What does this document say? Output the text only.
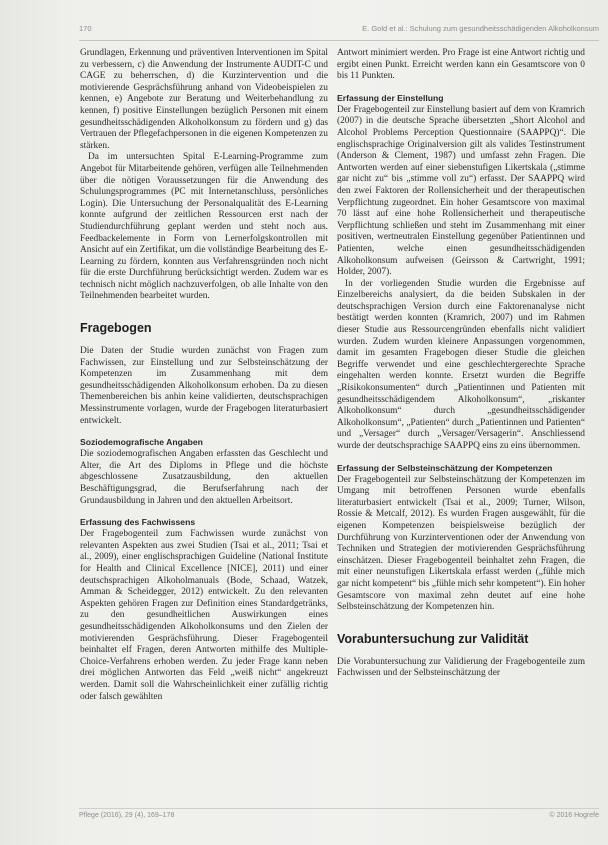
170	E. Gold et al.: Schulung zum gesundheitsschädigenden Alkoholkonsum

Grundlagen, Erkennung und präventiven Interventionen im Spital zu verbessern, c) die Anwendung der Instrumente AUDIT-C und CAGE zu beherrschen, d) die Kurzintervention und die motivierende Gesprächsführung anhand von Videobeispielen zu kennen, e) Angebote zur Beratung und Weiterbehandlung zu kennen, f) positive Einstellungen bezüglich Personen mit einem gesundheitsschädigenden Alkoholkonsum zu fördern und g) das Vertrauen der Pflegefachpersonen in die eigenen Kompetenzen zu stärken.

Da im untersuchten Spital E-Learning-Programme zum Angebot für Mitarbeitende gehören, verfügen alle Teilnehmenden über die nötigen Voraussetzungen für die Anwendung des Schulungsprogrammes (PC mit Internetanschluss, persönliches Login). Die Untersuchung der Personalqualität des E-Learning konnte aufgrund der zeitlichen Ressourcen erst nach der Studiendurchführung geplant werden und steht noch aus. Feedbackelemente in Form von Lernerfolgskontrollen mit Ansicht auf ein Zertifikat, um die vollständige Bearbeitung des E-Learning zu fördern, konnten aus Verfahrensgründen noch nicht für die erste Durchführung berücksichtigt werden. Zudem war es technisch nicht möglich nachzuverfolgen, ob alle Inhalte von den Teilnehmenden bearbeitet wurden.

Fragebogen

Die Daten der Studie wurden zunächst von Fragen zum Fachwissen, zur Einstellung und zur Selbsteinschätzung der Kompetenzen im Zusammenhang mit dem gesundheitsschädigenden Alkoholkonsum erhoben. Da zu diesen Themenbereichen bis anhin keine validierten, deutschsprachigen Messinstrumente vorlagen, wurde der Fragebogen literaturbasiert entwickelt.

Soziodemografische Angaben

Die soziodemografischen Angaben erfassten das Geschlecht und Alter, die Art des Diploms in Pflege und die höchste abgeschlossene Zusatzausbildung, den aktuellen Beschäftigungsgrad, die Berufserfahrung nach der Grundausbildung in Jahren und den aktuellen Arbeitsort.

Erfassung des Fachwissens

Der Fragebogenteil zum Fachwissen wurde zunächst von relevanten Aspekten aus zwei Studien (Tsai et al., 2011; Tsai et al., 2009), einer englischsprachigen Guideline (National Institute for Health and Clinical Excellence [NICE], 2011) und einer deutschsprachigen Alkoholmanuals (Bode, Schaad, Watzek, Amman & Scheidegger, 2012) entwickelt. Zu den relevanten Aspekten gehören Fragen zur Definition eines Standardgetränks, zu den gesundheitlichen Auswirkungen eines gesundheitsschädigenden Alkoholkonsums und den Zielen der motivierenden Gesprächsführung. Dieser Fragebogenteil beinhaltet elf Fragen, deren Antworten mithilfe des Multiple-Choice-Verfahrens erhoben werden. Zu jeder Frage kann neben drei möglichen Antworten das Feld „weiß nicht“ angekreuzt werden. Damit soll die Wahrscheinlichkeit einer zufällig richtig oder falsch gewählten

Antwort minimiert werden. Pro Frage ist eine Antwort richtig und ergibt einen Punkt. Erreicht werden kann ein Gesamtscore von 0 bis 11 Punkten.

Erfassung der Einstellung

Der Fragebogenteil zur Einstellung basiert auf dem von Kramrich (2007) in die deutsche Sprache übersetzten „Short Alcohol and Alcohol Problems Perception Questionnaire (SAAPPQ)“. Die englischsprachige Originalversion gilt als valides Testinstrument (Anderson & Clement, 1987) und umfasst zehn Fragen. Die Antworten werden auf einer siebenstufigen Likertskala („stimme gar nicht zu“ bis „stimme voll zu“) erfasst. Der SAAPPQ wird den zwei Faktoren der Rollensicherheit und der therapeutischen Verpflichtung zugeordnet. Ein hoher Gesamtscore von maximal 70 lässt auf eine hohe Rollensicherheit und therapeutische Verpflichtung schließen und steht im Zusammenhang mit einer positiven, wertneutralen Einstellung gegenüber Patientinnen und Patienten, welche einen gesundheitsschädigenden Alkoholkonsum aufweisen (Geirsson & Cartwright, 1991; Holder, 2007).

In der vorliegenden Studie wurden die Ergebnisse auf Einzelbereichs analysiert, da die beiden Subskalen in der deutschsprachigen Version durch eine Faktorenanalyse nicht bestätigt werden konnten (Kramrich, 2007) und im Rahmen dieser Studie aus Ressourcengründen ebenfalls nicht validiert wurden. Zudem wurden kleinere Anpassungen vorgenommen, damit im gesamten Fragebogen dieser Studie die gleichen Begriffe verwendet und eine geschlechtergerechte Sprache eingehalten werden konnte. Ersetzt wurden die Begriffe „Risikokonsumenten“ durch „Patientinnen und Patienten mit gesundheitsschädigendem Alkoholkonsum“, „riskanter Alkoholkonsum“ durch „gesundheitsschädigender Alkoholkonsum“, „Patienten“ durch „Patientinnen und Patienten“ und „Versager“ durch „Versager/Versagerin“. Anschliessend wurde der deutschsprachige SAAPPQ eins zu eins übernommen.

Erfassung der Selbsteinschätzung der Kompetenzen

Der Fragebogenteil zur Selbsteinschätzung der Kompetenzen im Umgang mit betroffenen Personen wurde ebenfalls literaturbasiert entwickelt (Tsai et al., 2009; Turner, Wilson, Rossie & Metcalf, 2012). Es wurden Fragen ausgewählt, für die eigenen Kompetenzen beispielsweise bezüglich der Durchführung von Kurzinterventionen oder der Anwendung von Techniken und Strategien der motivierenden Gesprächsführung einschätzen. Dieser Fragebogenteil beinhaltet zehn Fragen, die mit einer neunstufigen Likertskala erfasst werden („fühle mich gar nicht kompetent“ bis „fühle mich sehr kompetent“). Ein hoher Gesamtscore von maximal zehn deutet auf eine hohe Selbsteinschätzung der Kompetenzen hin.

Vorabuntersuchung zur Validität

Die Vorabuntersuchung zur Validierung der Fragebogenteile zum Fachwissen und der Selbsteinschätzung der

Pflege (2016), 29 (4), 169–178	© 2016 Hogrefe
